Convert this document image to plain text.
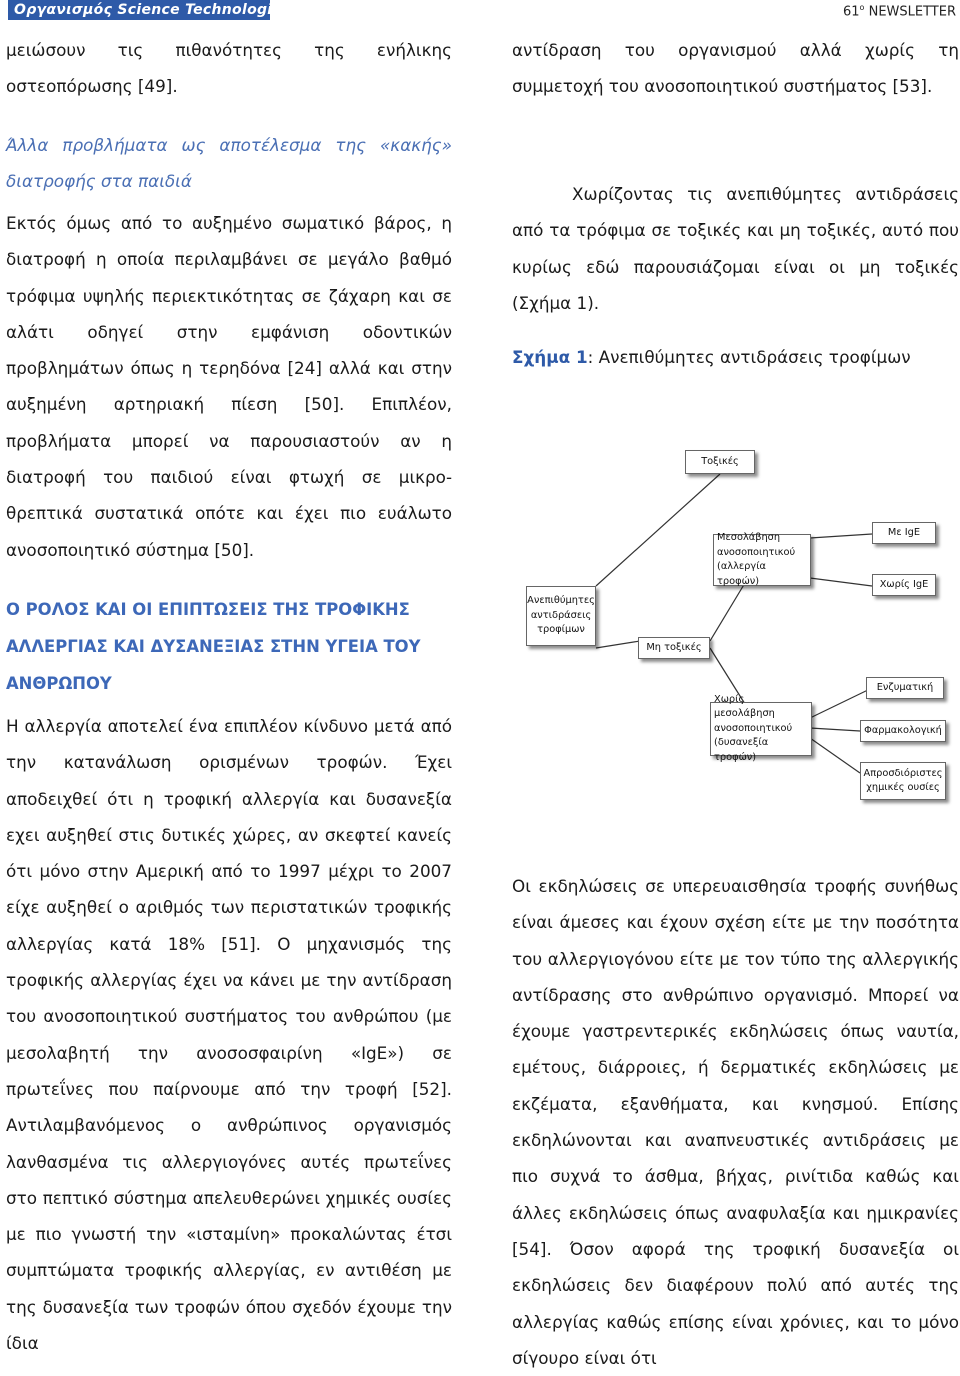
Οργανισμός Science Technologies	$61^o$ NEWSLETTER

μειώσουν τις πιθανότητες της ενήλικης οστεοπόρωσης [49].

Άλλα προβλήματα ως αποτέλεσμα της «κακής» διατροφής στα παιδιά

Εκτός όμως από το αυξημένο σωματικό βάρος, η διατροφή η οποία περιλαμβάνει σε μεγάλο βαθμό τρόφιμα υψηλής περιεκτικότητας σε ζάχαρη και σε αλάτι οδηγεί στην εμφάνιση οδοντικών προβλημάτων όπως η τερηδόνα [24] αλλά και στην αυξημένη αρτηριακή πίεση [50]. Επιπλέον, προβλήματα μπορεί να παρουσιαστούν αν η διατροφή του παιδιού είναι φτωχή σε μικρο-θρεπτικά συστατικά οπότε και έχει πιο ευάλωτο ανοσοποιητικό σύστημα [50].

Ο ΡΟΛΟΣ ΚΑΙ ΟΙ ΕΠΙΠΤΩΣΕΙΣ ΤΗΣ ΤΡΟΦΙΚΗΣ ΑΛΛΕΡΓΙΑΣ ΚΑΙ ΔΥΣΑΝΕΞΙΑΣ ΣΤΗΝ ΥΓΕΙΑ ΤΟΥ ΑΝΘΡΩΠΟΥ

Η αλλεργία αποτελεί ένα επιπλέον κίνδυνο μετά από την κατανάλωση ορισμένων τροφών. Έχει αποδειχθεί ότι η τροφική αλλεργία και δυσανεξία εχει αυξηθεί στις δυτικές χώρες, αν σκεφτεί κανείς ότι μόνο στην Αμερική από το 1997 μέχρι το 2007 είχε αυξηθεί ο αριθμός των περιστατικών τροφικής αλλεργίας κατά 18% [51]. Ο μηχανισμός της τροφικής αλλεργίας έχει να κάνει με την αντίδραση του ανοσοποιητικού συστήματος του ανθρώπου (με μεσολαβητή την ανοσοσφαιρίνη «IgE») σε πρωτεΐνες που παίρνουμε από την τροφή [52]. Αντιλαμβανόμενος ο ανθρώπινος οργανισμός λανθασμένα τις αλλεργιογόνες αυτές πρωτεΐνες στο πεπτικό σύστημα απελευθερώνει χημικές ουσίες με πιο γνωστή την «ισταμίνη» προκαλώντας έτσι συμπτώματα τροφικής αλλεργίας, εν αντιθέση με της δυσανεξία των τροφών όπου σχεδόν έχουμε την ίδια

αντίδραση του οργανισμού αλλά χωρίς τη συμμετοχή του ανοσοποιητικού συστήματος [53].

Χωρίζοντας τις ανεπιθύμητες αντιδράσεις από τα τρόφιμα σε τοξικές και μη τοξικές, αυτό που κυρίως εδώ παρουσιάζομαι είναι οι μη τοξικές (Σχήμα 1).

Σχήμα 1: Ανεπιθύμητες αντιδράσεις τροφίμων

Οι εκδηλώσεις σε υπερευαισθησία τροφής συνήθως είναι άμεσες και έχουν σχέση είτε με την ποσότητα του αλλεργιογόνου είτε με τον τύπο της αλλεργικής αντίδρασης στο ανθρώπινο οργανισμό. Μπορεί να έχουμε γαστρεντερικές εκδηλώσεις όπως ναυτία, εμέτους, διάρροιες, ή δερματικές εκδηλώσεις με εκζέματα, εξανθήματα, και κνησμού. Επίσης εκδηλώνονται και αναπνευστικές αντιδράσεις με πιο συχνά το άσθμα, βήχας, ρινίτιδα καθώς και άλλες εκδηλώσεις όπως αναφυλαξία και ημικρανίες [54]. Όσον αφορά της τροφική δυσανεξία οι εκδηλώσεις δεν διαφέρουν πολύ από αυτές της αλλεργίας καθώς επίσης είναι χρόνιες, και το μόνο σίγουρο είναι ότι

Ανεπιθύμητες αντιδράσεις τροφίμων
Τοξικές
Μη τοξικές
Μεσολάβηση ανοσοποιητικού (αλλεργία τροφών)
Με IgE
Χωρίς IgE
Χωρίς μεσολάβηση ανοσοποιητικού (δυσανεξία τροφών)
Ενζυματική
Φαρμακολογική
Απροσδιόριστες χημικές ουσίες
